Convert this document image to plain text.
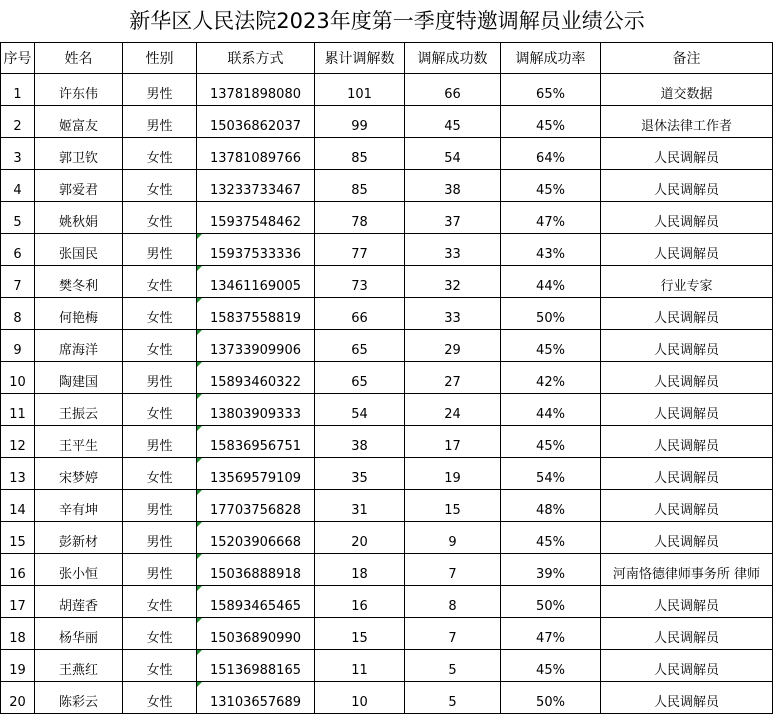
新华区人民法院2023年度第一季度特邀调解员业绩公示
序号	姓名	性别	联系方式	累计调解数	调解成功数	调解成功率	备注
1	许东伟	男性	13781898080	101	66	65%	道交数据
2	姬富友	男性	15036862037	99	45	45%	退休法律工作者
3	郭卫钦	女性	13781089766	85	54	64%	人民调解员
4	郭爱君	女性	13233733467	85	38	45%	人民调解员
5	姚秋娟	女性	15937548462	78	37	47%	人民调解员
6	张国民	男性	15937533336	77	33	43%	人民调解员
7	樊冬利	女性	13461169005	73	32	44%	行业专家
8	何艳梅	女性	15837558819	66	33	50%	人民调解员
9	席海洋	女性	13733909906	65	29	45%	人民调解员
10	陶建国	男性	15893460322	65	27	42%	人民调解员
11	王振云	女性	13803909333	54	24	44%	人民调解员
12	王平生	男性	15836956751	38	17	45%	人民调解员
13	宋梦婷	女性	13569579109	35	19	54%	人民调解员
14	辛有坤	男性	17703756828	31	15	48%	人民调解员
15	彭新材	男性	15203906668	20	9	45%	人民调解员
16	张小恒	男性	15036888918	18	7	39%	河南恪德律师事务所 律师
17	胡莲香	女性	15893465465	16	8	50%	人民调解员
18	杨华丽	女性	15036890990	15	7	47%	人民调解员
19	王燕红	女性	15136988165	11	5	45%	人民调解员
20	陈彩云	女性	13103657689	10	5	50%	人民调解员
